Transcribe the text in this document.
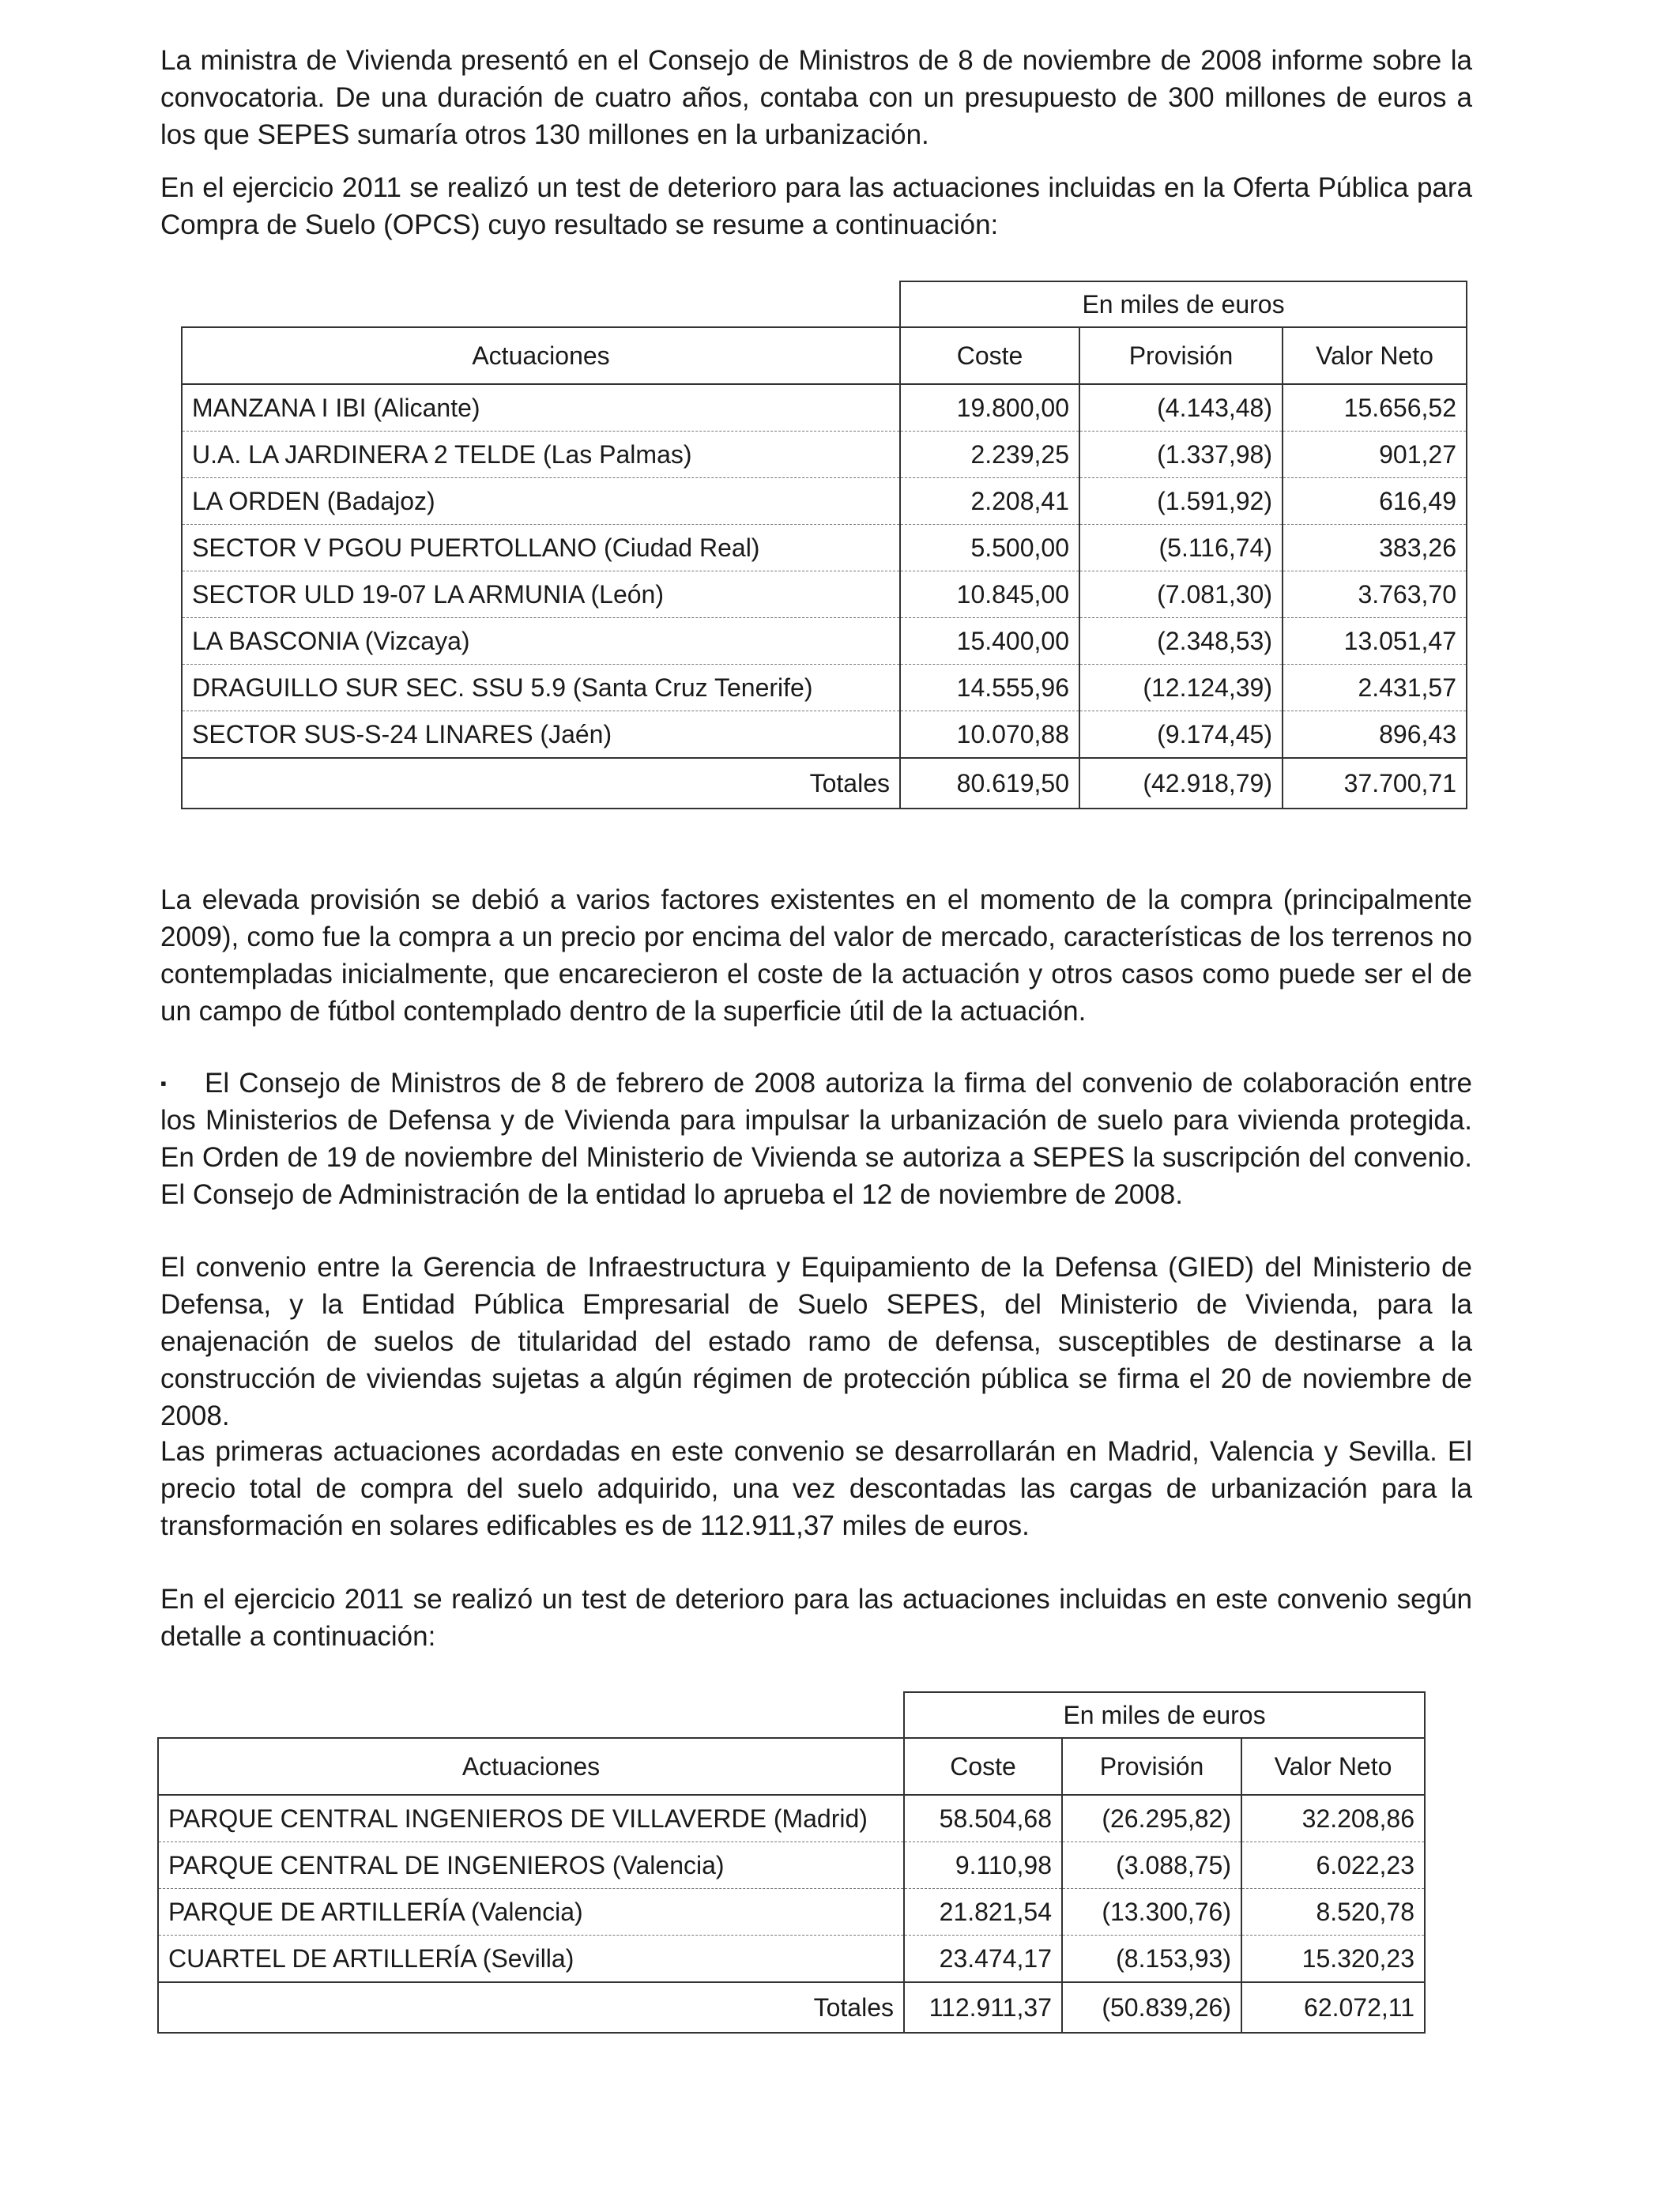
La ministra de Vivienda presentó en el Consejo de Ministros de 8 de noviembre de 2008 informe sobre la convocatoria. De una duración de cuatro años, contaba con un presupuesto de 300 millones de euros a los que SEPES sumaría otros 130 millones en la urbanización.

En el ejercicio 2011 se realizó un test de deterioro para las actuaciones incluidas en la Oferta Pública para Compra de Suelo (OPCS) cuyo resultado se resume a continuación:

	En miles de euros		
Actuaciones	Coste	Provisión	Valor Neto
MANZANA I IBI (Alicante)	19.800,00	(4.143,48)	15.656,52
U.A. LA JARDINERA 2 TELDE (Las Palmas)	2.239,25	(1.337,98)	901,27
LA ORDEN (Badajoz)	2.208,41	(1.591,92)	616,49
SECTOR V PGOU PUERTOLLANO (Ciudad Real)	5.500,00	(5.116,74)	383,26
SECTOR ULD 19-07 LA ARMUNIA (León)	10.845,00	(7.081,30)	3.763,70
LA BASCONIA (Vizcaya)	15.400,00	(2.348,53)	13.051,47
DRAGUILLO SUR SEC. SSU 5.9 (Santa Cruz Tenerife)	14.555,96	(12.124,39)	2.431,57
SECTOR SUS-S-24 LINARES (Jaén)	10.070,88	(9.174,45)	896,43
Totales	80.619,50	(42.918,79)	37.700,71

La elevada provisión se debió a varios factores existentes en el momento de la compra (principalmente 2009), como fue la compra a un precio por encima del valor de mercado, características de los terrenos no contempladas inicialmente, que encarecieron el coste de la actuación y otros casos como puede ser el de un campo de fútbol contemplado dentro de la superficie útil de la actuación.

▪ El Consejo de Ministros de 8 de febrero de 2008 autoriza la firma del convenio de colaboración entre los Ministerios de Defensa y de Vivienda para impulsar la urbanización de suelo para vivienda protegida. En Orden de 19 de noviembre del Ministerio de Vivienda se autoriza a SEPES la suscripción del convenio. El Consejo de Administración de la entidad lo aprueba el 12 de noviembre de 2008.

El convenio entre la Gerencia de Infraestructura y Equipamiento de la Defensa (GIED) del Ministerio de Defensa, y la Entidad Pública Empresarial de Suelo SEPES, del Ministerio de Vivienda, para la enajenación de suelos de titularidad del estado ramo de defensa, susceptibles de destinarse a la construcción de viviendas sujetas a algún régimen de protección pública se firma el 20 de noviembre de 2008.

Las primeras actuaciones acordadas en este convenio se desarrollarán en Madrid, Valencia y Sevilla. El precio total de compra del suelo adquirido, una vez descontadas las cargas de urbanización para la transformación en solares edificables es de 112.911,37 miles de euros.

En el ejercicio 2011 se realizó un test de deterioro para las actuaciones incluidas en este convenio según detalle a continuación:

	En miles de euros		
Actuaciones	Coste	Provisión	Valor Neto
PARQUE CENTRAL INGENIEROS DE VILLAVERDE (Madrid)	58.504,68	(26.295,82)	32.208,86
PARQUE CENTRAL DE INGENIEROS (Valencia)	9.110,98	(3.088,75)	6.022,23
PARQUE DE ARTILLERÍA (Valencia)	21.821,54	(13.300,76)	8.520,78
CUARTEL DE ARTILLERÍA (Sevilla)	23.474,17	(8.153,93)	15.320,23
Totales	112.911,37	(50.839,26)	62.072,11
